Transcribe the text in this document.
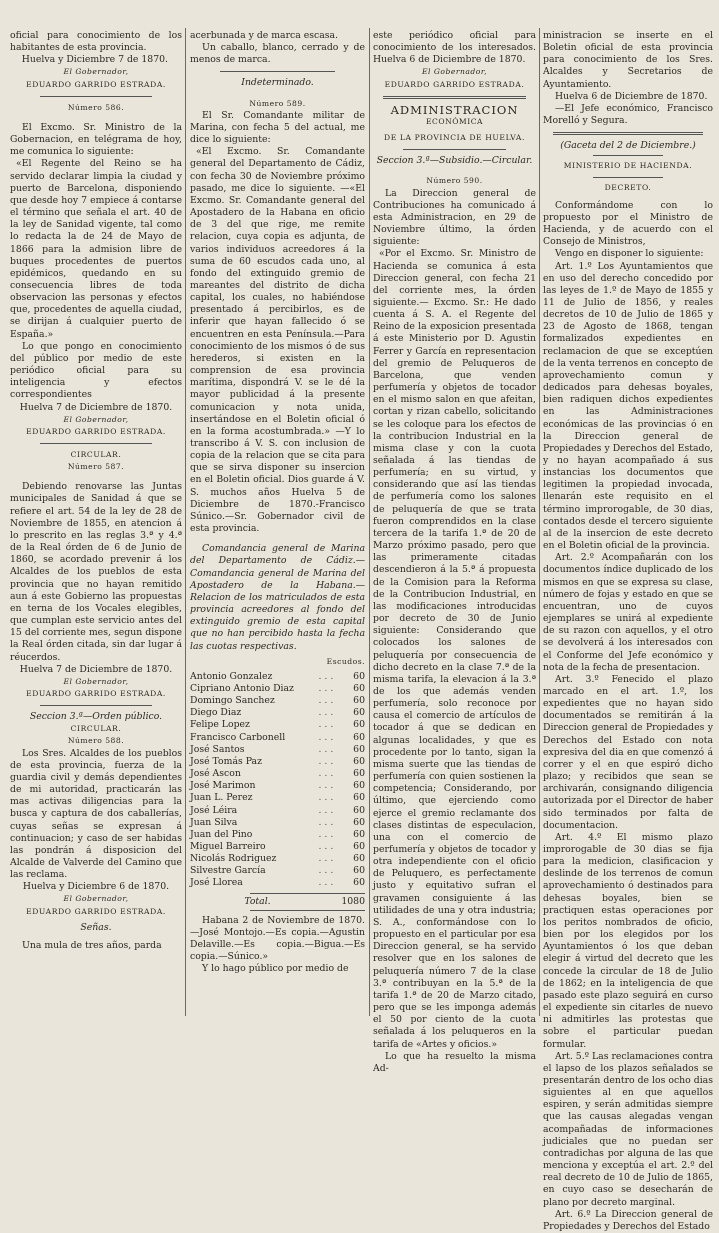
oficial para conocimiento de los habitantes de esta provincia.

Huelva y Diciembre 7 de 1870.

El Gobernador,

EDUARDO GARRIDO ESTRADA.

Número 586.

El Excmo. Sr. Ministro de la Gobernacion, en telégrama de hoy, me comunica lo siguiente:

«El Regente del Reino se ha servido declarar limpia la ciudad y puerto de Barcelona, disponiendo que desde hoy 7 empiece á contarse el término que señala el art. 40 de la ley de Sanidad vigente, tal como lo redacta la de 24 de Mayo de 1866 para la admision libre de buques procedentes de puertos epidémicos, quedando en su consecuencia libres de toda observacion las personas y efectos que, procedentes de aquella ciudad, se dirijan á cualquier puerto de España.»

Lo que pongo en conocimiento del público por medio de este periódico oficial para su inteligencia y efectos correspondientes

Huelva 7 de Diciembre de 1870.

El Gobernador,

EDUARDO GARRIDO ESTRADA.

CIRCULAR.

Número 587.

Debiendo renovarse las Juntas municipales de Sanidad á que se refiere el art. 54 de la ley de 28 de Noviembre de 1855, en atencion á lo prescrito en las reglas 3.ª y 4.ª de la Real órden de 6 de Junio de 1860, se acordado prevenir á los Alcaldes de los pueblos de esta provincia que no hayan remitido aun á este Gobierno las propuestas en terna de los Vocales elegibles, que cumplan este servicio antes del 15 del corriente mes, segun dispone la Real órden citada, sin dar lugar á réucerdos.

Huelva 7 de Diciembre de 1870.

El Gobernador,

EDUARDO GARRIDO ESTRADA.

Seccion 3.ª—Orden público.

CIRCULAR.

Número 588.

Los Sres. Alcaldes de los pueblos de esta provincia, fuerza de la guardia civil y demás dependientes de mi autoridad, practicarán las mas activas diligencias para la busca y captura de dos caballerías, cuyas señas se expresan á continuacion; y caso de ser habidas las pondrán á disposicion del Alcalde de Valverde del Camino que las reclama.

Huelva y Diciembre 6 de 1870.

El Gobernador,

EDUARDO GARRIDO ESTRADA.

Señas.

Una mula de tres años, parda

acerbunada y de marca escasa.

Un caballo, blanco, cerrado y de menos de marca.

Indeterminado.

Número 589.

El Sr. Comandante militar de Marina, con fecha 5 del actual, me dice lo siguiente:

«El Excmo. Sr. Comandante general del Departamento de Cádiz, con fecha 30 de Noviembre próximo pasado, me dice lo siguiente. —«El Excmo. Sr. Comandante general del Apostadero de la Habana en oficio de 3 del que rige, me remite relacion, cuya copia es adjunta, de varios individuos acreedores á la suma de 60 escudos cada uno, al fondo del extinguido gremio de mareantes del distrito de dicha capital, los cuales, no habiéndose presentado á percibirlos, es de inferir que hayan fallecido ó se encuentren en esta Península.—Para conocimiento de los mismos ó de sus herederos, si existen en la comprension de esa provincia marítima, dispondrá V. se le dé la mayor publicidad á la presente comunicacion y nota unida, insertándose en el Boletin oficial ó en la forma acostumbrada.» —Y lo transcribo á V. S. con inclusion de copia de la relacion que se cita para que se sirva disponer su insercion en el Boletin oficial. Dios guarde á V. S. muchos años Huelva 5 de Diciembre de 1870.-Francisco Súnico.—Sr. Gobernador civil de esta provincia.

Comandancia general de Marina del Departamento de Cádiz.— Comandancia general de Marina del Apostadero de la Habana.— Relacion de los matriculados de esta provincia acreedores al fondo del extinguido gremio de esta capital que no han percibido hasta la fecha las cuotas respectivas.

Escudos.

Antonio Gonzalez	. . .	60
Cipriano Antonio Diaz	. . .	60
Domingo Sanchez	. . .	60
Diego Diaz	. . .	60
Felipe Lopez	. . .	60
Francisco Carbonell	. . .	60
José Santos	. . .	60
José Tomás Paz	. . .	60
José Ascon	. . .	60
José Marimon	. . .	60
Juan L. Perez	. . .	60
José Léira	. . .	60
Juan Silva	. . .	60
Juan del Pino	. . .	60
Miguel Barreiro	. . .	60
Nicolás Rodriguez	. . .	60
Silvestre García	. . .	60
José Llorea	. . .	60
Total.	1080

Habana 2 de Noviembre de 1870.—José Montojo.—Es copia.—Agustin Delaville.—Es copia.—Bigua.—Es copia.—Súnico.»

Y lo hago público por medio de

este periódico oficial para conocimiento de los interesados. Huelva 6 de Diciembre de 1870.

El Gobernador,

EDUARDO GARRIDO ESTRADA.

ADMINISTRACION

ECONÓMICA

DE LA PROVINCIA DE HUELVA.

Seccion 3.ª—Subsidio.—Circular.

Número 590.

La Direccion general de Contribuciones ha comunicado á esta Administracion, en 29 de Noviembre último, la órden siguiente:

«Por el Excmo. Sr. Ministro de Hacienda se comunica á esta Direccion general, con fecha 21 del corriente mes, la órden siguiente.— Excmo. Sr.: He dado cuenta á S. A. el Regente del Reino de la exposicion presentada á este Ministerio por D. Agustin Ferrer y García en representacion del gremio de Peluqueros de Barcelona, que venden perfumería y objetos de tocador en el mismo salon en que afeitan, cortan y rizan cabello, solicitando se les coloque para los efectos de la contribucion Industrial en la misma clase y con la cuota señalada á las tiendas de perfumería; en su virtud, y considerando que así las tiendas de perfumería como los salones de peluquería de que se trata fueron comprendidos en la clase tercera de la tarifa 1.ª de 20 de Marzo próximo pasado, pero que las primeramente citadas descendieron á la 5.ª á propuesta de la Comision para la Reforma de la Contribucion Industrial, en las modificaciones introducidas por decreto de 30 de Junio siguiente: Considerando que colocados los salones de peluquería por consecuencia de dicho decreto en la clase 7.ª de la misma tarifa, la elevacion á la 3.ª de los que además venden perfumería, solo reconoce por causa el comercio de artículos de tocador á que se dedican en algunas localidades, y que es procedente por lo tanto, sigan la misma suerte que las tiendas de perfumería con quien sostienen la competencia; Considerando, por último, que ejerciendo como ejerce el gremio reclamante dos clases distintas de especulacion, una con el comercio de perfumería y objetos de tocador y otra independiente con el oficio de Peluquero, es perfectamente justo y equitativo sufran el gravamen consiguiente á las utilidades de una y otra industria; S. A., conformándose con lo propuesto en el particular por esa Direccion general, se ha servido resolver que en los salones de peluquería número 7 de la clase 3.ª contribuyan en la 5.ª de la tarifa 1.ª de 20 de Marzo citado, pero que se les imponga además el 50 por ciento de la cuota señalada á los peluqueros en la tarifa de «Artes y oficios.»

Lo que ha resuelto la misma Ad-

ministracion se inserte en el Boletin oficial de esta provincia para conocimiento de los Sres. Alcaldes y Secretarios de Ayuntamiento.

Huelva 6 de Diciembre de 1870.

—El Jefe económico, Francisco Morelló y Segura.

(Gaceta del 2 de Diciembre.)

MINISTERIO DE HACIENDA.

DECRETO.

Conformándome con lo propuesto por el Ministro de Hacienda, y de acuerdo con el Consejo de Ministros,

Vengo en disponer lo siguiente:

Art. 1.º Los Ayuntamientos que en uso del derecho concedido por las leyes de 1.º de Mayo de 1855 y 11 de Julio de 1856, y reales decretos de 10 de Julio de 1865 y 23 de Agosto de 1868, tengan formalizados expedientes en reclamacion de que se exceptúen de la venta terrenos en concepto de aprovechamiento comun y dedicados para dehesas boyales, bien radiquen dichos expedientes en las Administraciones económicas de las provincias ó en la Direccion general de Propiedades y Derechos del Estado, y no hayan acompañado á sus instancias los documentos que legitimen la propiedad invocada, llenarán este requisito en el término improrogable, de 30 dias, contados desde el tercero siguiente al de la insercion de este decreto en el Boletin oficial de la provincia.

Art. 2.º Acompañarán con los documentos índice duplicado de los mismos en que se expresa su clase, número de fojas y estado en que se encuentran, uno de cuyos ejemplares se unirá al expediente de su razon con aquellos, y el otro se devolverá á los interesados con el Conforme del Jefe económico y nota de la fecha de presentacion.

Art. 3.º Fenecido el plazo marcado en el art. 1.º, los expedientes que no hayan sido documentados se remitirán á la Direccion general de Propiedades y Derechos del Estado con nota expresiva del dia en que comenzó á correr y el en que espiró dicho plazo; y recibidos que sean se archivarán, consignando diligencia autorizada por el Director de haber sido terminados por falta de documentacion.

Art. 4.º El mismo plazo improrogable de 30 dias se fija para la medicion, clasificacion y deslinde de los terrenos de comun aprovechamiento ó destinados para dehesas boyales, bien se practiquen estas operaciones por los peritos nombrados de oficio, bien por los elegidos por los Ayuntamientos ó los que deban elegir á virtud del decreto que les concede la circular de 18 de Julio de 1862; en la inteligencia de que pasado este plazo seguirá en curso el expediente sin citarles de nuevo ni admitirles las protestas que sobre el particular puedan formular.

Art. 5.º Las reclamaciones contra el lapso de los plazos señalados se presentarán dentro de los ocho dias siguientes al en que aquellos espiren, y serán admitidas siempre que las causas alegadas vengan acompañadas de informaciones judiciales que no puedan ser contradichas por alguna de las que menciona y exceptúa el art. 2.º del real decreto de 10 de Julio de 1865, en cuyo caso se desecharán de plano por decreto marginal.

Art. 6.º La Direccion general de Propiedades y Derechos del Estado
